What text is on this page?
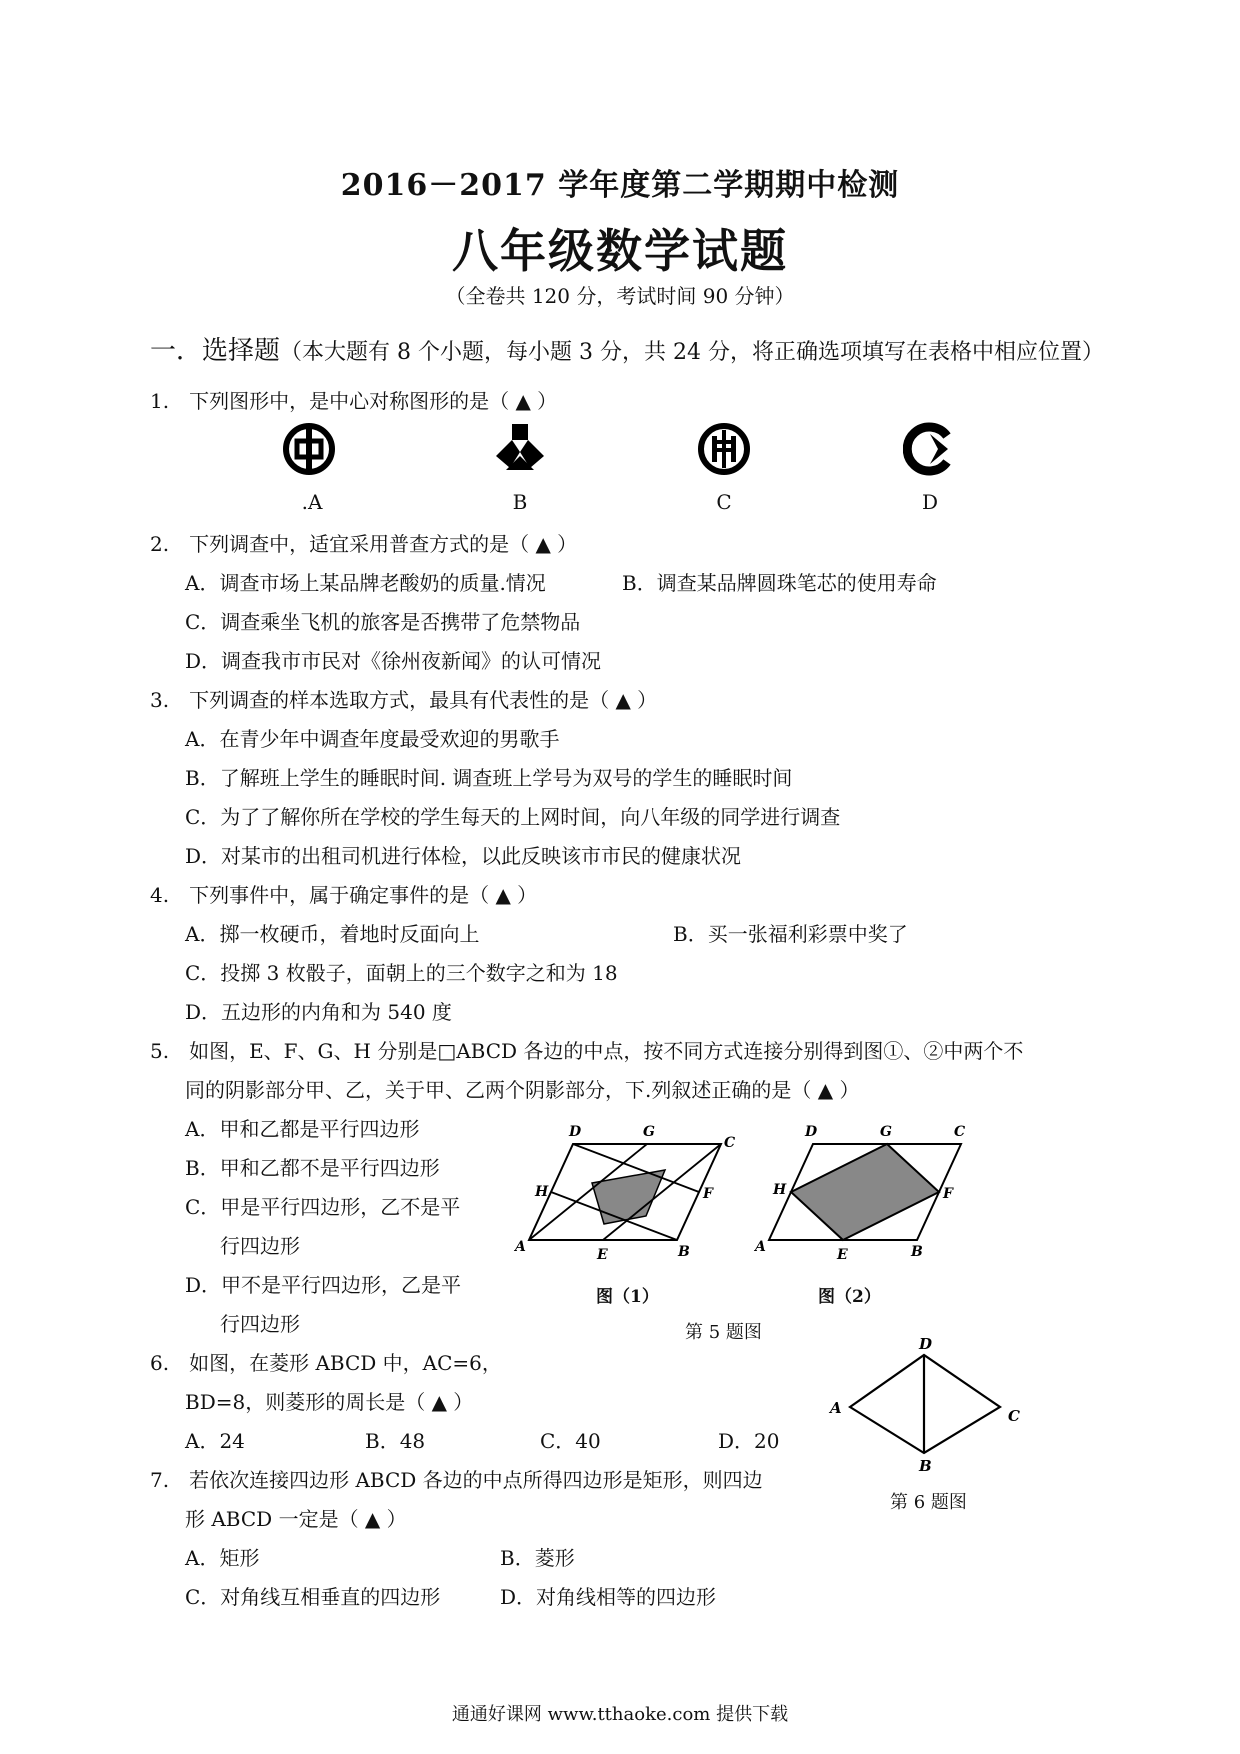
2016－2017 学年度第二学期期中检测
八年级数学试题
（全卷共 120 分，考试时间 90 分钟）
一．选择题（本大题有 8 个小题，每小题 3 分，共 24 分，将正确选项填写在表格中相应位置）
1.　下列图形中，是中心对称图形的是（ ▲ ）
.A	B	C	D
2.　下列调查中，适宜采用普查方式的是（ ▲ ）
A．调查市场上某品牌老酸奶的质量.情况	B．调查某品牌圆珠笔芯的使用寿命
C．调查乘坐飞机的旅客是否携带了危禁物品
D．调查我市市民对《徐州夜新闻》的认可情况
3.　下列调查的样本选取方式，最具有代表性的是（ ▲ ）
A．在青少年中调查年度最受欢迎的男歌手
B．了解班上学生的睡眠时间. 调查班上学号为双号的学生的睡眠时间
C．为了了解你所在学校的学生每天的上网时间，向八年级的同学进行调查
D．对某市的出租司机进行体检，以此反映该市市民的健康状况
4.　下列事件中，属于确定事件的是（ ▲ ）
A．掷一枚硬币，着地时反面向上	B．买一张福利彩票中奖了
C．投掷 3 枚骰子，面朝上的三个数字之和为 18
D．五边形的内角和为 540 度
5.　如图，E、F、G、H 分别是□ABCD 各边的中点，按不同方式连接分别得到图①、②中两个不
同的阴影部分甲、乙，关于甲、乙两个阴影部分，下.列叙述正确的是（ ▲ ）
A．甲和乙都是平行四边形
B．甲和乙都不是平行四边形
C．甲是平行四边形，乙不是平
行四边形
D．甲不是平行四边形，乙是平
行四边形
A	B
C
D
E
F
G
H
A	B
C
D
E
F
G
H
图（1）	图（2）
第 5 题图
6.　如图，在菱形 ABCD 中，AC=6，
BD=8，则菱形的周长是（ ▲ ）
A．24	B．48	C．40	D．20
A
D
C
B
第 6 题图
7.　若依次连接四边形 ABCD 各边的中点所得四边形是矩形，则四边
形 ABCD 一定是（ ▲ ）
A．矩形	B．菱形
C．对角线互相垂直的四边形	D．对角线相等的四边形
通通好课网 www.tthaoke.com 提供下载
